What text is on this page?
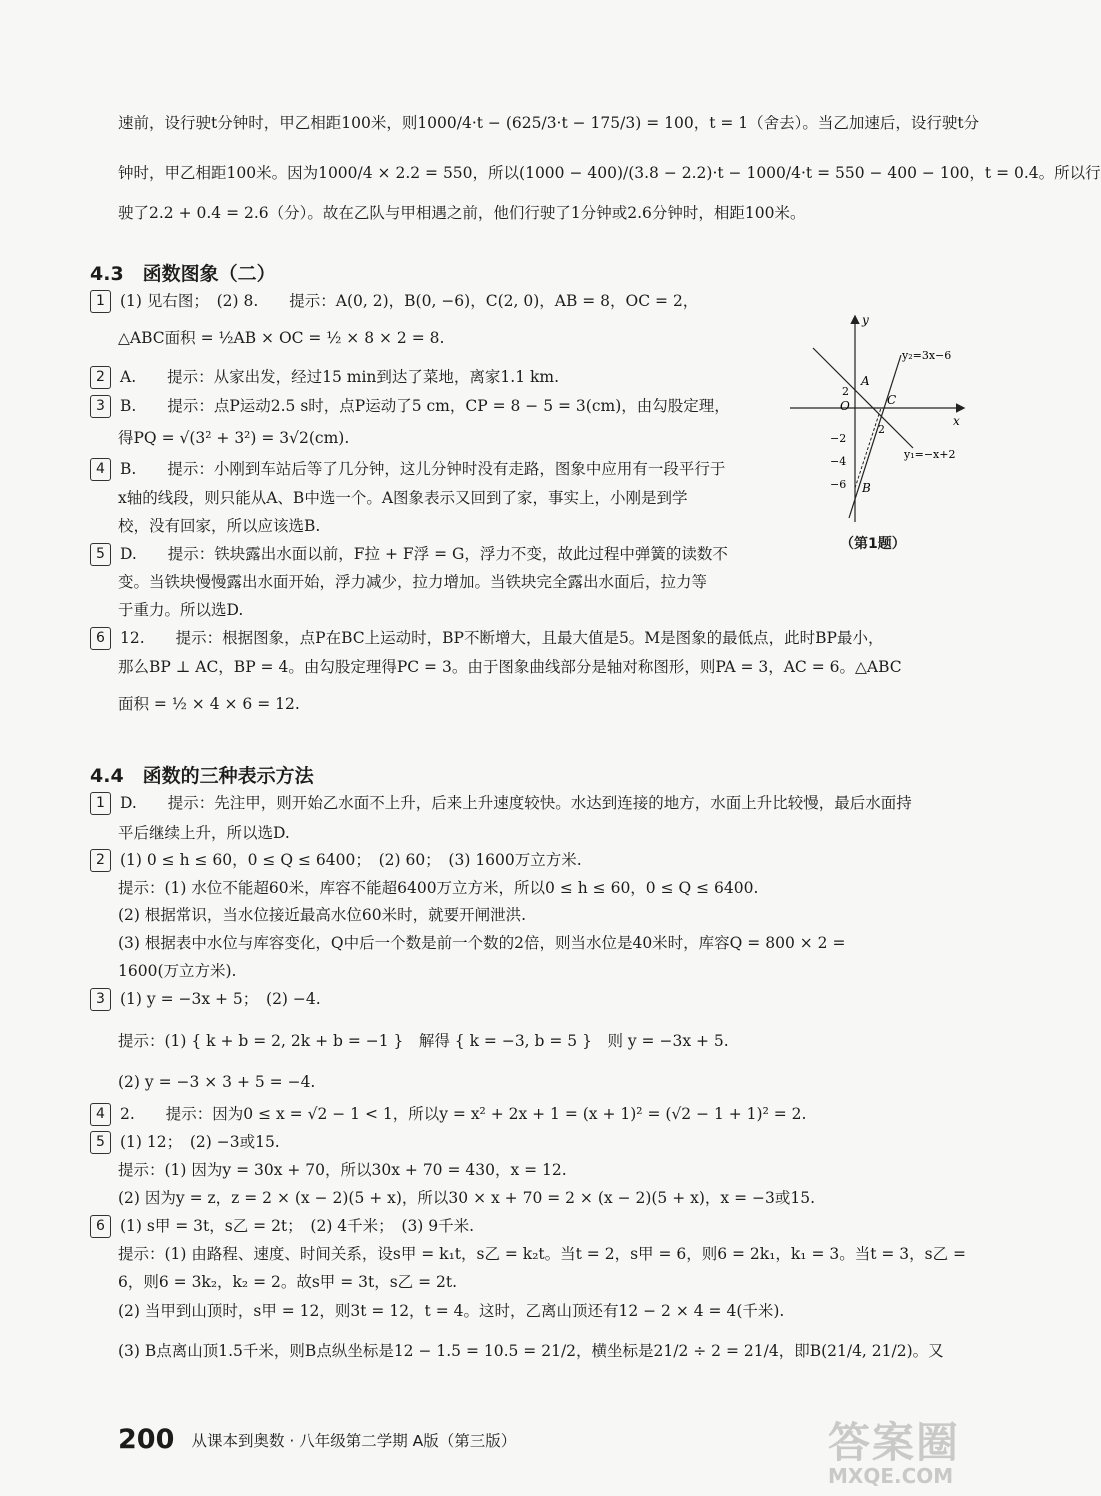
速前，设行驶t分钟时，甲乙相距100米，则1000/4·t − (625/3·t − 175/3) = 100，t = 1（舍去）。当乙加速后，设行驶t分
钟时，甲乙相距100米。因为1000/4 × 2.2 = 550，所以(1000 − 400)/(3.8 − 2.2)·t − 1000/4·t = 550 − 400 − 100，t = 0.4。所以行
驶了2.2 + 0.4 = 2.6（分）。故在乙队与甲相遇之前，他们行驶了1分钟或2.6分钟时，相距100米。
4.3　函数图象（二）
1 (1) 见右图；　(2) 8.　　提示：A(0, 2)，B(0, −6)，C(2, 0)，AB = 8，OC = 2，
△ABC面积 = ½AB × OC = ½ × 8 × 2 = 8.
2 A.　　提示：从家出发，经过15 min到达了菜地，离家1.1 km.
3 B.　　提示：点P运动2.5 s时，点P运动了5 cm，CP = 8 − 5 = 3(cm)，由勾股定理，
得PQ = √(3² + 3²) = 3√2(cm).
4 B.　　提示：小刚到车站后等了几分钟，这儿分钟时没有走路，图象中应用有一段平行于
x轴的线段，则只能从A、B中选一个。A图象表示又回到了家，事实上，小刚是到学
校，没有回家，所以应该选B.
5 D.　　提示：铁块露出水面以前，F拉 + F浮 = G，浮力不变，故此过程中弹簧的读数不
变。当铁块慢慢露出水面开始，浮力减少，拉力增加。当铁块完全露出水面后，拉力等
于重力。所以选D.
6 12.　　提示：根据图象，点P在BC上运动时，BP不断增大，且最大值是5。M是图象的最低点，此时BP最小，
那么BP ⊥ AC，BP = 4。由勾股定理得PC = 3。由于图象曲线部分是轴对称图形，则PA = 3，AC = 6。△ABC
面积 = ½ × 4 × 6 = 12.
x
y
O
A
B
C
y₂=3x−6
y₁=−x+2
2
2
−2
−4
−6
（第1题）
4.4　函数的三种表示方法
1 D.　　提示：先注甲，则开始乙水面不上升，后来上升速度较快。水达到连接的地方，水面上升比较慢，最后水面持
平后继续上升，所以选D.
2 (1) 0 ≤ h ≤ 60，0 ≤ Q ≤ 6400；　(2) 60；　(3) 1600万立方米.
提示：(1) 水位不能超60米，库容不能超6400万立方米，所以0 ≤ h ≤ 60，0 ≤ Q ≤ 6400.
(2) 根据常识，当水位接近最高水位60米时，就要开闸泄洪.
(3) 根据表中水位与库容变化，Q中后一个数是前一个数的2倍，则当水位是40米时，库容Q = 800 × 2 =
1600(万立方米).
3 (1) y = −3x + 5；　(2) −4.
提示：(1) { k + b = 2, 2k + b = −1 }　解得 { k = −3, b = 5 }　则 y = −3x + 5.
(2) y = −3 × 3 + 5 = −4.
4 2.　　提示：因为0 ≤ x = √2 − 1 < 1，所以y = x² + 2x + 1 = (x + 1)² = (√2 − 1 + 1)² = 2.
5 (1) 12；　(2) −3或15.
提示：(1) 因为y = 30x + 70，所以30x + 70 = 430，x = 12.
(2) 因为y = z，z = 2 × (x − 2)(5 + x)，所以30 × x + 70 = 2 × (x − 2)(5 + x)，x = −3或15.
6 (1) s甲 = 3t，s乙 = 2t；　(2) 4千米；　(3) 9千米.
提示：(1) 由路程、速度、时间关系，设s甲 = k₁t，s乙 = k₂t。当t = 2，s甲 = 6，则6 = 2k₁，k₁ = 3。当t = 3，s乙 =
6，则6 = 3k₂，k₂ = 2。故s甲 = 3t，s乙 = 2t.
(2) 当甲到山顶时，s甲 = 12，则3t = 12，t = 4。这时，乙离山顶还有12 − 2 × 4 = 4(千米).
(3) B点离山顶1.5千米，则B点纵坐标是12 − 1.5 = 10.5 = 21/2，横坐标是21/2 ÷ 2 = 21/4，即B(21/4, 21/2)。又
200 从课本到奥数 · 八年级第二学期 A版（第三版）	答案圈
MXQE.COM
